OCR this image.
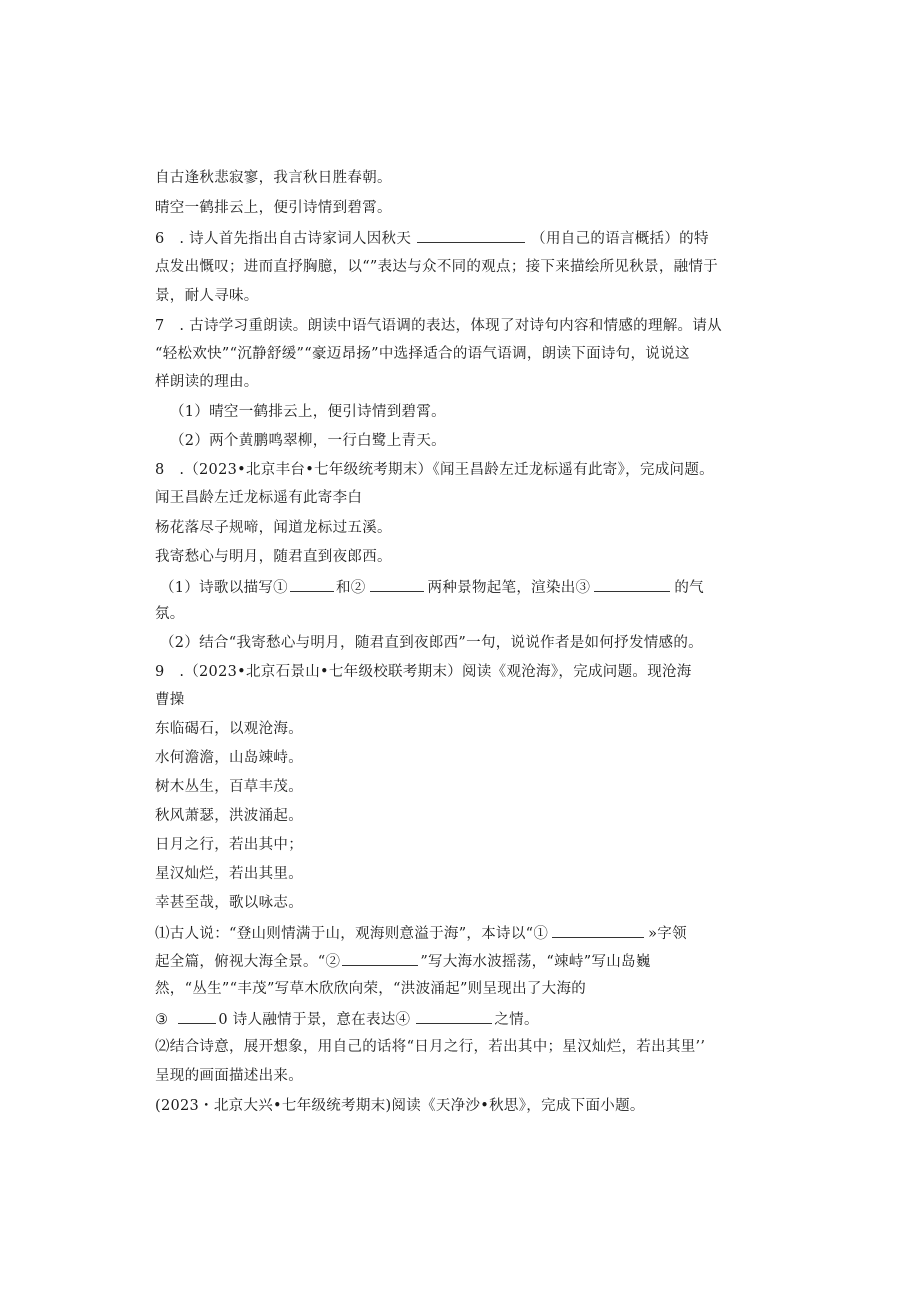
自古逢秋悲寂寥，我言秋日胜春朝。
晴空一鹤排云上，便引诗情到碧霄。
6　. 诗人首先指出自古诗家词人因秋天	（用自己的语言概括）的特
点发出慨叹；进而直抒胸臆，以“”表达与众不同的观点；接下来描绘所见秋景，融情于
景，耐人寻味。
7　. 古诗学习重朗读。朗读中语气语调的表达，体现了对诗句内容和情感的理解。请从
“轻松欢快”“沉静舒缓”“豪迈昂扬”中选择适合的语气语调，朗读下面诗句，说说这
样朗读的理由。
（1）晴空一鹤排云上，便引诗情到碧霄。
（2）两个黄鹏鸣翠柳，一行白鹭上青天。
8　.（2023•北京丰台•七年级统考期末）《闻王昌龄左迁龙标遥有此寄》，完成问题。
闻王昌龄左迁龙标遥有此寄李白
杨花落尽子规啼，闻道龙标过五溪。
我寄愁心与明月，随君直到夜郎西。
（1）诗歌以描写①	和②	两种景物起笔，渲染出③	的气
氛。
（2）结合“我寄愁心与明月，随君直到夜郎西”一句，说说作者是如何抒发情感的。
9　.（2023•北京石景山•七年级校联考期末）阅读《观沧海》，完成问题。现沧海
曹操
东临碣石，以观沧海。
水何澹澹，山岛竦峙。
树木丛生，百草丰茂。
秋风萧瑟，洪波涌起。
日月之行，若出其中；
星汉灿烂，若出其里。
幸甚至哉，歌以咏志。
⑴古人说：“登山则情满于山，观海则意溢于海”，本诗以“①	»字领
起全篇，俯视大海全景。“②	”写大海水波摇荡，“竦峙”写山岛巍
然，“丛生”“丰茂”写草木欣欣向荣，“洪波涌起”则呈现出了大海的
③	0 诗人融情于景，意在表达④	之情。
⑵结合诗意，展开想象，用自己的话将“日月之行，若出其中；星汉灿烂，若出其里’’
呈现的画面描述出来。
(2023・北京大兴•七年级统考期末)阅读《天净沙•秋思》，完成下面小题。
